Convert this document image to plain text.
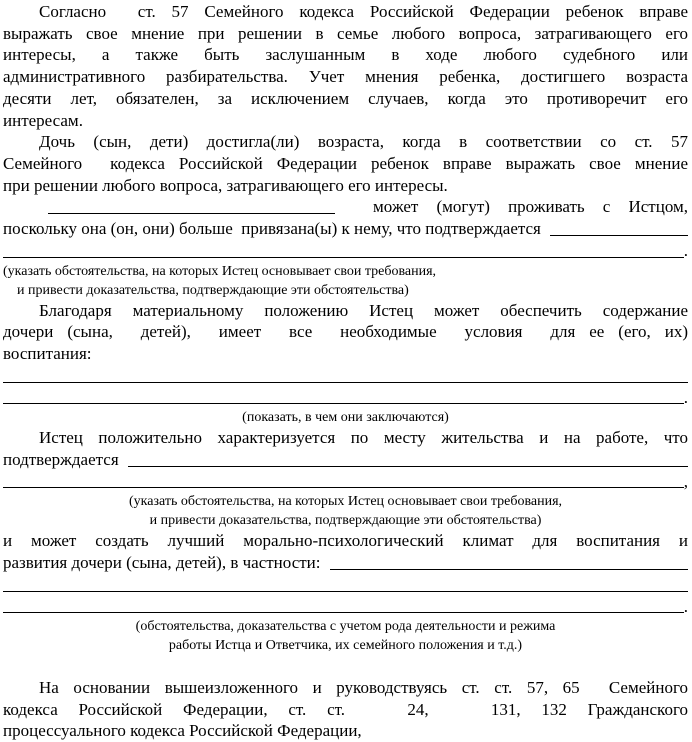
Согласно  ст. 57 Семейного кодекса Российской Федерации ребенок вправе
выражать свое мнение при решении в семье любого вопроса, затрагивающего его
интересы, а также быть заслушанным в ходе любого судебного или
административного разбирательства. Учет мнения ребенка, достигшего возраста
десяти лет, обязателен, за исключением случаев, когда это противоречит его
интересам.
Дочь (сын, дети) достигла(ли) возраста, когда в соответствии со ст. 57
Семейного  кодекса Российской Федерации ребенок вправе выражать свое мнение
при решении любого вопроса, затрагивающего его интересы.
может (могут) проживать с Истцом,
поскольку она (он, они) больше  привязана(ы) к нему, что подтверждается
.
(указать обстоятельства, на которых Истец основывает свои требования,
и привести доказательства, подтверждающие эти обстоятельства)
Благодаря материальному положению Истец может обеспечить содержание
дочери (сына,  детей),  имеет  все  необходимые  условия  для ее (его, их)
воспитания:
.
(показать, в чем они заключаются)
Истец положительно характеризуется по месту жительства и на работе, что
подтверждается
,
(указать обстоятельства, на которых Истец основывает свои требования,
и привести доказательства, подтверждающие эти обстоятельства)
и может создать лучший морально-психологический климат для воспитания и
развития дочери (сына, детей), в частности:
.
(обстоятельства, доказательства с учетом рода деятельности и режима
работы Истца и Ответчика, их семейного положения и т.д.)
На основании вышеизложенного и руководствуясь ст. ст. 57, 65  Семейного
кодекса Российской Федерации, ст. ст.   24,   131, 132 Гражданского
процессуального кодекса Российской Федерации,
